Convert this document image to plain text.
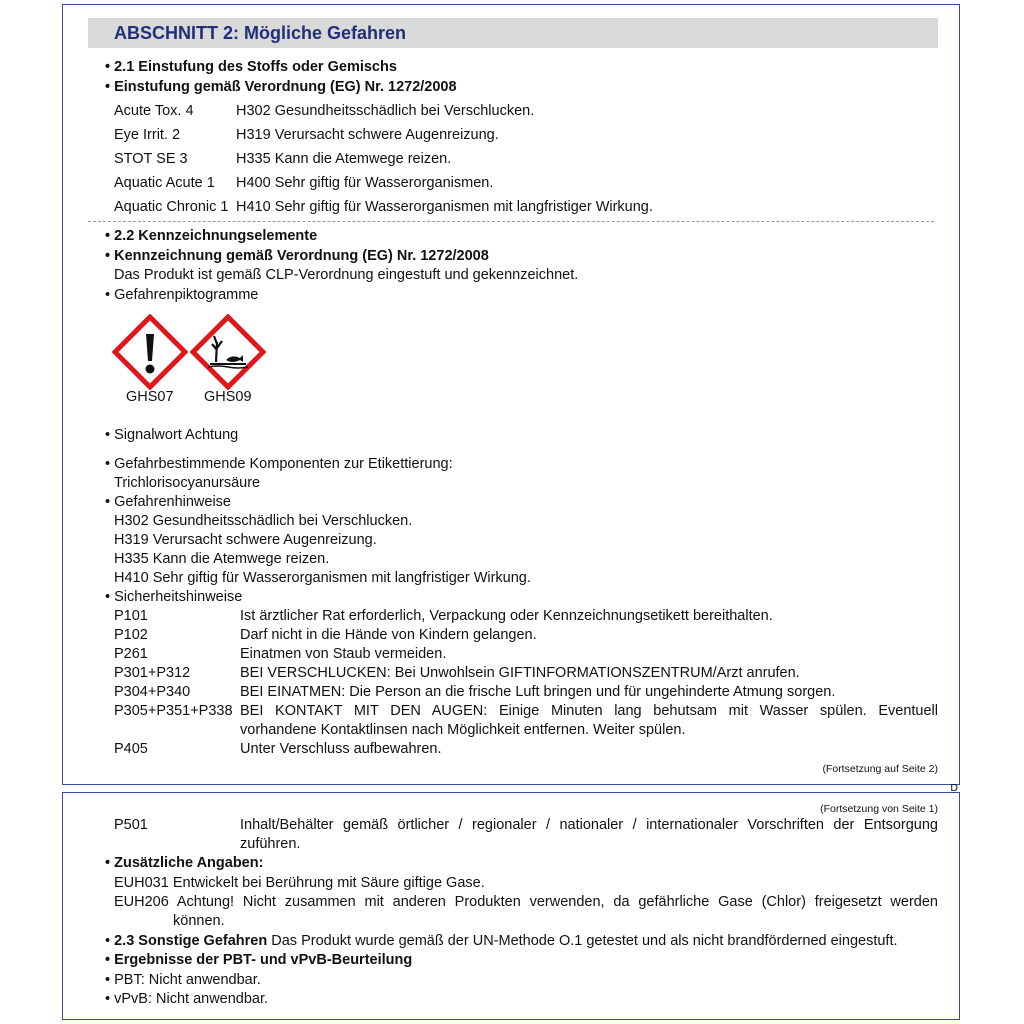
ABSCHNITT 2: Mögliche Gefahren
• 2.1 Einstufung des Stoffs oder Gemischs
• Einstufung gemäß Verordnung (EG) Nr. 1272/2008
Acute Tox. 4	H302 Gesundheitsschädlich bei Verschlucken.
Eye Irrit. 2	H319 Verursacht schwere Augenreizung.
STOT SE 3	H335 Kann die Atemwege reizen.
Aquatic Acute 1 H400 Sehr giftig für Wasserorganismen.
Aquatic Chronic 1 H410 Sehr giftig für Wasserorganismen mit langfristiger Wirkung.
• 2.2 Kennzeichnungselemente
• Kennzeichnung gemäß Verordnung (EG) Nr. 1272/2008
Das Produkt ist gemäß CLP-Verordnung eingestuft und gekennzeichnet.
• Gefahrenpiktogramme
GHS07 GHS09
• Signalwort Achtung
• Gefahrbestimmende Komponenten zur Etikettierung:
Trichlorisocyanursäure
• Gefahrenhinweise
H302 Gesundheitsschädlich bei Verschlucken.
H319 Verursacht schwere Augenreizung.
H335 Kann die Atemwege reizen.
H410 Sehr giftig für Wasserorganismen mit langfristiger Wirkung.
• Sicherheitshinweise
P101	Ist ärztlicher Rat erforderlich, Verpackung oder Kennzeichnungsetikett bereithalten.
P102	Darf nicht in die Hände von Kindern gelangen.
P261	Einatmen von Staub vermeiden.
P301+P312	BEI VERSCHLUCKEN: Bei Unwohlsein GIFTINFORMATIONSZENTRUM/Arzt anrufen.
P304+P340	BEI EINATMEN: Die Person an die frische Luft bringen und für ungehinderte Atmung sorgen.
P305+P351+P338 BEI KONTAKT MIT DEN AUGEN: Einige Minuten lang behutsam mit Wasser spülen. Eventuell
vorhandene Kontaktlinsen nach Möglichkeit entfernen. Weiter spülen.
P405	Unter Verschluss aufbewahren.
(Fortsetzung auf Seite 2)
D
(Fortsetzung von Seite 1)
P501	Inhalt/Behälter gemäß örtlicher / regionaler / nationaler / internationaler Vorschriften der Entsorgung
zuführen.
• Zusätzliche Angaben:
EUH031 Entwickelt bei Berührung mit Säure giftige Gase.
EUH206 Achtung! Nicht zusammen mit anderen Produkten verwenden, da gefährliche Gase (Chlor) freigesetzt werden
können.
• 2.3 Sonstige Gefahren Das Produkt wurde gemäß der UN-Methode O.1 getestet und als nicht brandförderned eingestuft.
• Ergebnisse der PBT- und vPvB-Beurteilung
• PBT: Nicht anwendbar.
• vPvB: Nicht anwendbar.
